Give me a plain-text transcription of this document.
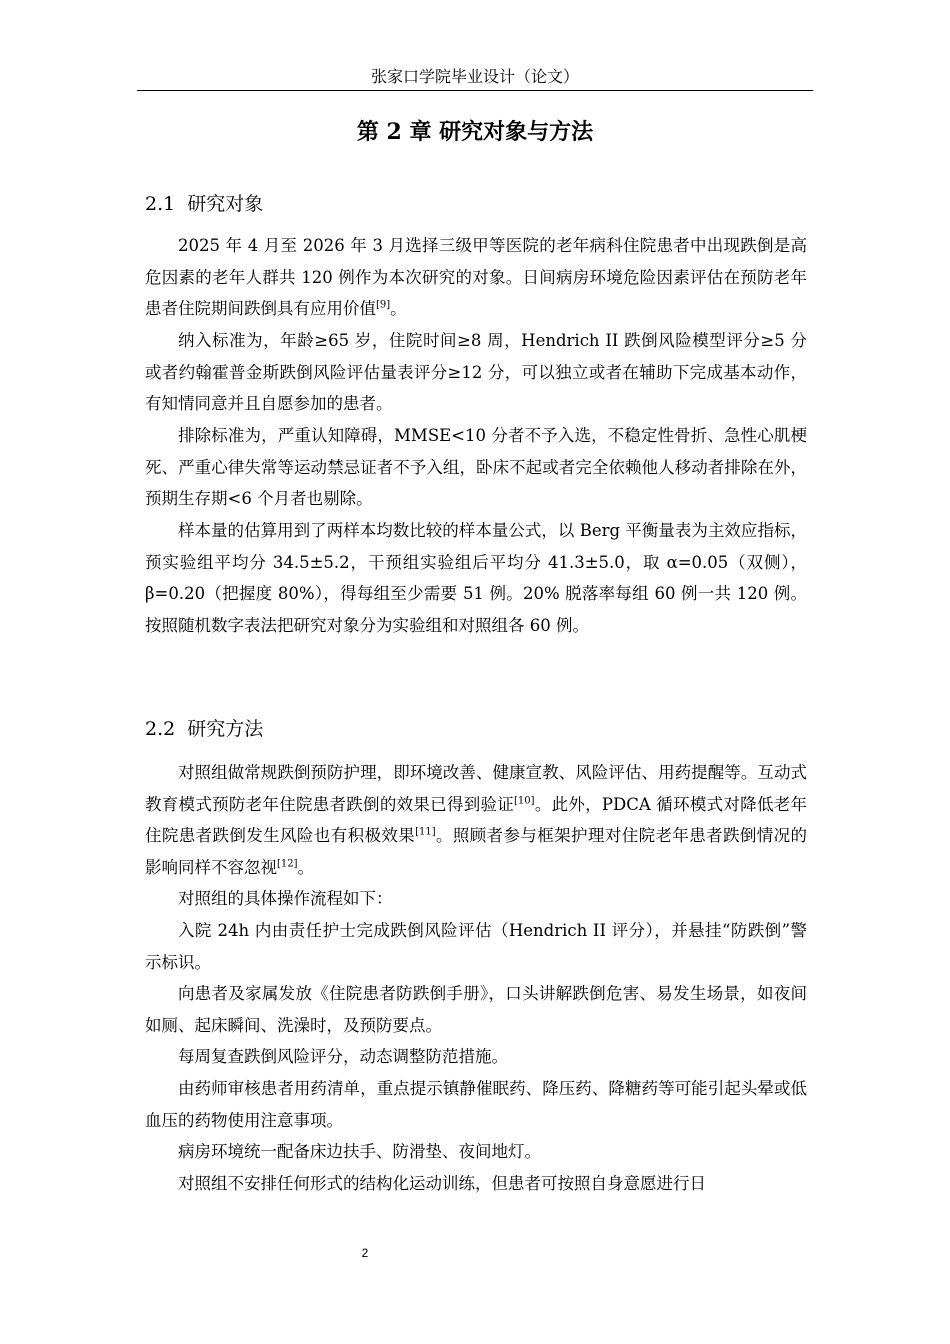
张家口学院毕业设计（论文）
第 2 章 研究对象与方法
2.1 研究对象

2025 年 4 月至 2026 年 3 月选择三级甲等医院的老年病科住院患者中出现跌倒是高危因素的老年人群共 120 例作为本次研究的对象。日间病房环境危险因素评估在预防老年患者住院期间跌倒具有应用价值[9]。

纳入标准为，年龄≥65 岁，住院时间≥8 周，Hendrich II 跌倒风险模型评分≥5 分或者约翰霍普金斯跌倒风险评估量表评分≥12 分，可以独立或者在辅助下完成基本动作，有知情同意并且自愿参加的患者。

排除标准为，严重认知障碍，MMSE<10 分者不予入选，不稳定性骨折、急性心肌梗死、严重心律失常等运动禁忌证者不予入组，卧床不起或者完全依赖他人移动者排除在外，预期生存期<6 个月者也剔除。

样本量的估算用到了两样本均数比较的样本量公式，以 Berg 平衡量表为主效应指标，预实验组平均分 34.5±5.2，干预组实验组后平均分 41.3±5.0，取 α=0.05（双侧），β=0.20（把握度 80%），得每组至少需要 51 例。20% 脱落率每组 60 例一共 120 例。按照随机数字表法把研究对象分为实验组和对照组各 60 例。

2.2 研究方法

对照组做常规跌倒预防护理，即环境改善、健康宣教、风险评估、用药提醒等。互动式教育模式预防老年住院患者跌倒的效果已得到验证[10]。此外，PDCA 循环模式对降低老年住院患者跌倒发生风险也有积极效果[11]。照顾者参与框架护理对住院老年患者跌倒情况的影响同样不容忽视[12]。

对照组的具体操作流程如下：

入院 24h 内由责任护士完成跌倒风险评估（Hendrich II 评分），并悬挂“防跌倒”警示标识。

向患者及家属发放《住院患者防跌倒手册》，口头讲解跌倒危害、易发生场景，如夜间如厕、起床瞬间、洗澡时，及预防要点。

每周复查跌倒风险评分，动态调整防范措施。

由药师审核患者用药清单，重点提示镇静催眠药、降压药、降糖药等可能引起头晕或低血压的药物使用注意事项。

病房环境统一配备床边扶手、防滑垫、夜间地灯。

对照组不安排任何形式的结构化运动训练，但患者可按照自身意愿进行日

2
